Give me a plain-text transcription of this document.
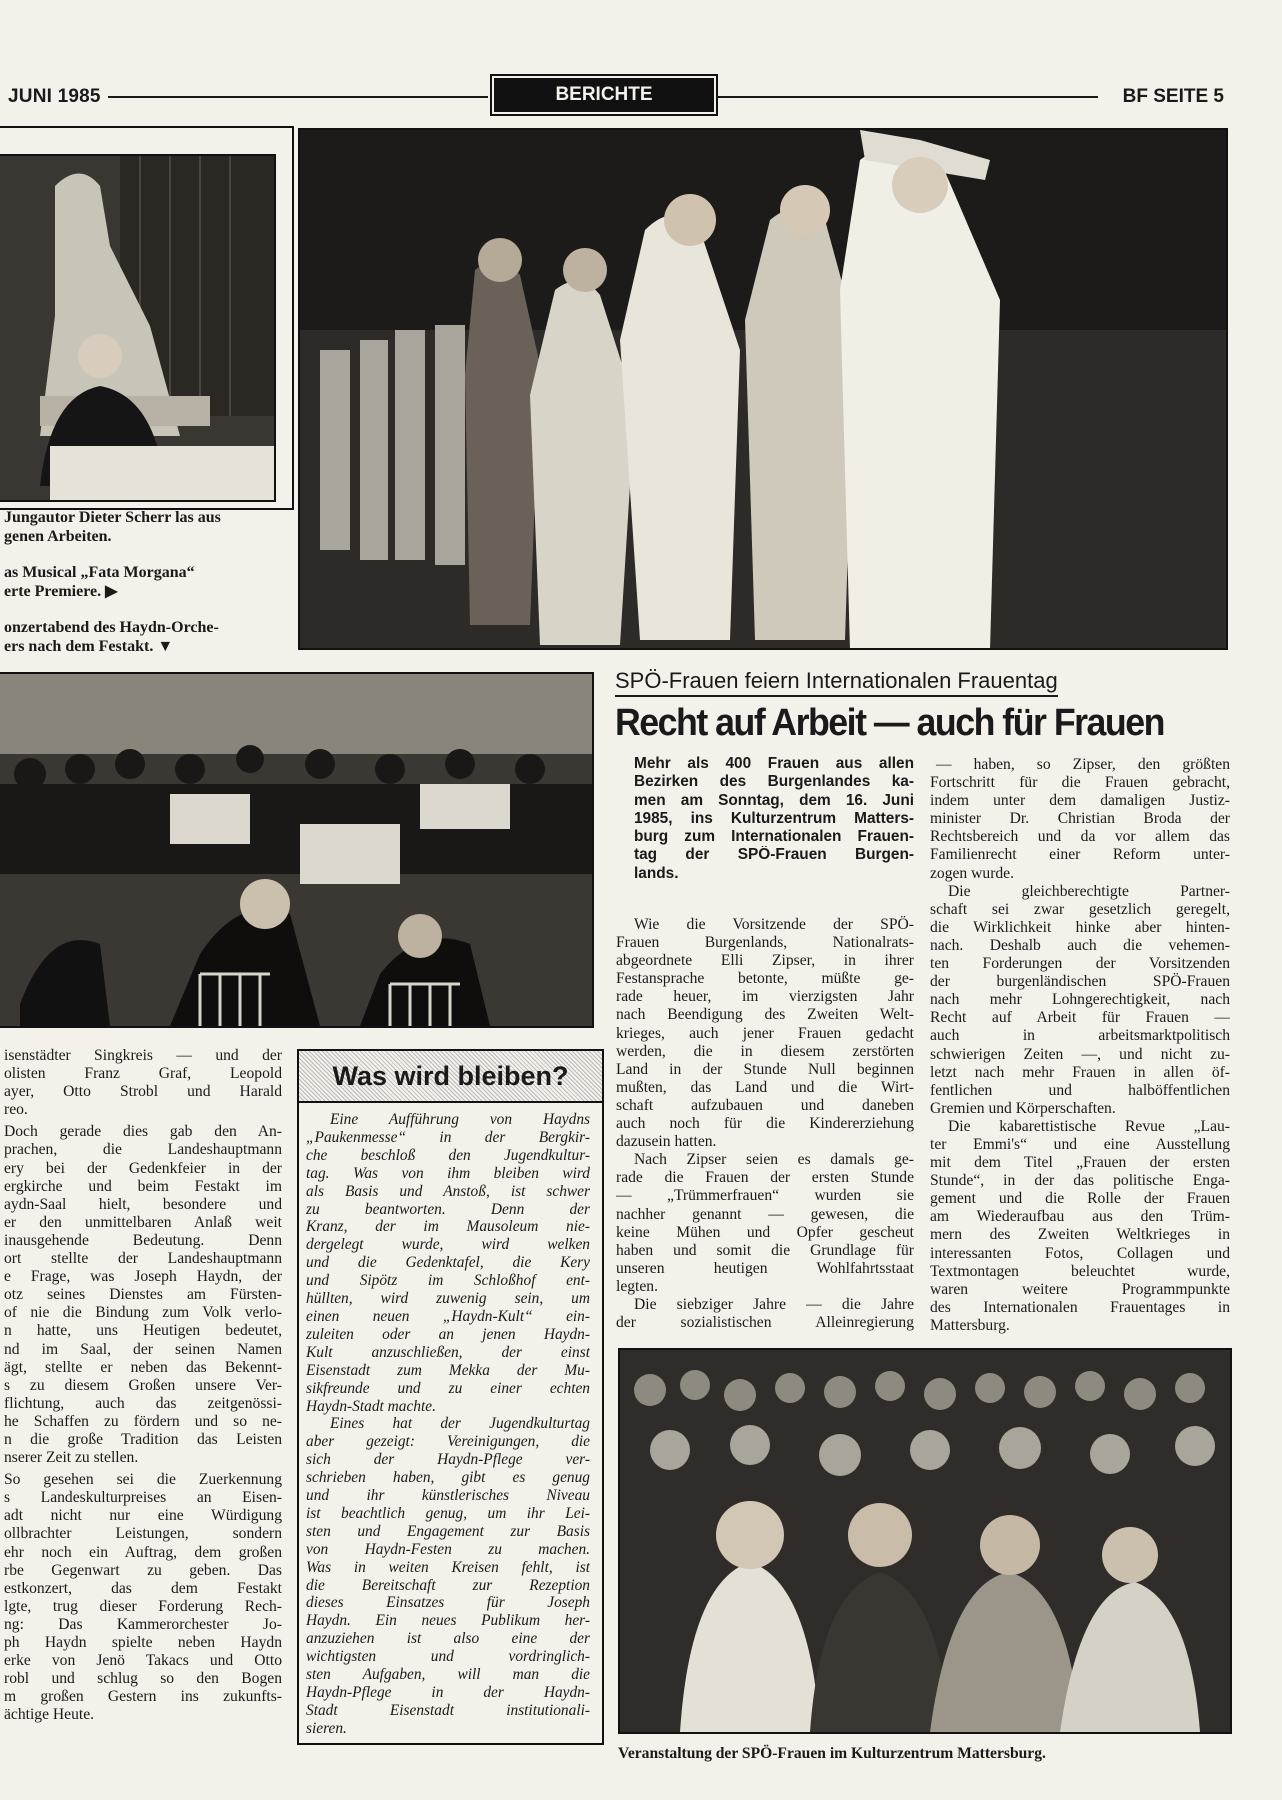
JUNI 1985	BERICHTE	BF SEITE 5
Jungautor Dieter Scherr las aus
genen Arbeiten.
as Musical „Fata Morgana“
erte Premiere. ▶
onzertabend des Haydn-Orche-
ers nach dem Festakt. ▼
isenstädter Singkreis — und der
olisten Franz Graf, Leopold
ayer, Otto Strobl und Harald
reo.
Doch gerade dies gab den An-
prachen, die Landeshauptmann
ery bei der Gedenkfeier in der
ergkirche und beim Festakt im
aydn-Saal hielt, besondere und
er den unmittelbaren Anlaß weit
inausgehende Bedeutung. Denn
ort stellte der Landeshauptmann
e Frage, was Joseph Haydn, der
otz seines Dienstes am Fürsten-
of nie die Bindung zum Volk verlo-
n hatte, uns Heutigen bedeutet,
nd im Saal, der seinen Namen
ägt, stellte er neben das Bekennt-
s zu diesem Großen unsere Ver-
flichtung, auch das zeitgenössi-
he Schaffen zu fördern und so ne-
n die große Tradition das Leisten
nserer Zeit zu stellen.
So gesehen sei die Zuerkennung
s Landeskulturpreises an Eisen-
adt nicht nur eine Würdigung
ollbrachter Leistungen, sondern
ehr noch ein Auftrag, dem großen
rbe Gegenwart zu geben. Das
estkonzert, das dem Festakt
lgte, trug dieser Forderung Rech-
ng: Das Kammerorchester Jo-
ph Haydn spielte neben Haydn
erke von Jenö Takacs und Otto
robl und schlug so den Bogen
m großen Gestern ins zukunfts-
ächtige Heute.
Was wird bleiben?
Eine Aufführung von Haydns
„Paukenmesse“ in der Bergkir-
che beschloß den Jugendkultur-
tag. Was von ihm bleiben wird
als Basis und Anstoß, ist schwer
zu beantworten. Denn der
Kranz, der im Mausoleum nie-
dergelegt wurde, wird welken
und die Gedenktafel, die Kery
und Sipötz im Schloßhof ent-
hüllten, wird zuwenig sein, um
einen neuen „Haydn-Kult“ ein-
zuleiten oder an jenen Haydn-
Kult anzuschließen, der einst
Eisenstadt zum Mekka der Mu-
sikfreunde und zu einer echten
Haydn-Stadt machte.
Eines hat der Jugendkulturtag
aber gezeigt: Vereinigungen, die
sich der Haydn-Pflege ver-
schrieben haben, gibt es genug
und ihr künstlerisches Niveau
ist beachtlich genug, um ihr Lei-
sten und Engagement zur Basis
von Haydn-Festen zu machen.
Was in weiten Kreisen fehlt, ist
die Bereitschaft zur Rezeption
dieses Einsatzes für Joseph
Haydn. Ein neues Publikum her-
anzuziehen ist also eine der
wichtigsten und vordringlich-
sten Aufgaben, will man die
Haydn-Pflege in der Haydn-
Stadt Eisenstadt institutionali-
sieren.
SPÖ-Frauen feiern Internationalen Frauentag
Recht auf Arbeit — auch für Frauen
Mehr als 400 Frauen aus allen
Bezirken des Burgenlandes ka-
men am Sonntag, dem 16. Juni
1985, ins Kulturzentrum Matters-
burg zum Internationalen Frauen-
tag der SPÖ-Frauen Burgen-
lands.
Wie die Vorsitzende der SPÖ-
Frauen Burgenlands, Nationalrats-
abgeordnete Elli Zipser, in ihrer
Festansprache betonte, müßte ge-
rade heuer, im vierzigsten Jahr
nach Beendigung des Zweiten Welt-
krieges, auch jener Frauen gedacht
werden, die in diesem zerstörten
Land in der Stunde Null beginnen
mußten, das Land und die Wirt-
schaft aufzubauen und daneben
auch noch für die Kindererziehung
dazusein hatten.
Nach Zipser seien es damals ge-
rade die Frauen der ersten Stunde
— „Trümmerfrauen“ wurden sie
nachher genannt — gewesen, die
keine Mühen und Opfer gescheut
haben und somit die Grundlage für
unseren heutigen Wohlfahrtsstaat
legten.
Die siebziger Jahre — die Jahre
der sozialistischen Alleinregierung
— haben, so Zipser, den größten
Fortschritt für die Frauen gebracht,
indem unter dem damaligen Justiz-
minister Dr. Christian Broda der
Rechtsbereich und da vor allem das
Familienrecht einer Reform unter-
zogen wurde.
Die gleichberechtigte Partner-
schaft sei zwar gesetzlich geregelt,
die Wirklichkeit hinke aber hinten-
nach. Deshalb auch die vehemen-
ten Forderungen der Vorsitzenden
der burgenländischen SPÖ-Frauen
nach mehr Lohngerechtigkeit, nach
Recht auf Arbeit für Frauen —
auch in arbeitsmarktpolitisch
schwierigen Zeiten —, und nicht zu-
letzt nach mehr Frauen in allen öf-
fentlichen und halböffentlichen
Gremien und Körperschaften.
Die kabarettistische Revue „Lau-
ter Emmi's“ und eine Ausstellung
mit dem Titel „Frauen der ersten
Stunde“, in der das politische Enga-
gement und die Rolle der Frauen
am Wiederaufbau aus den Trüm-
mern des Zweiten Weltkrieges in
interessanten Fotos, Collagen und
Textmontagen beleuchtet wurde,
waren weitere Programmpunkte
des Internationalen Frauentages in
Mattersburg.
Veranstaltung der SPÖ-Frauen im Kulturzentrum Mattersburg.
